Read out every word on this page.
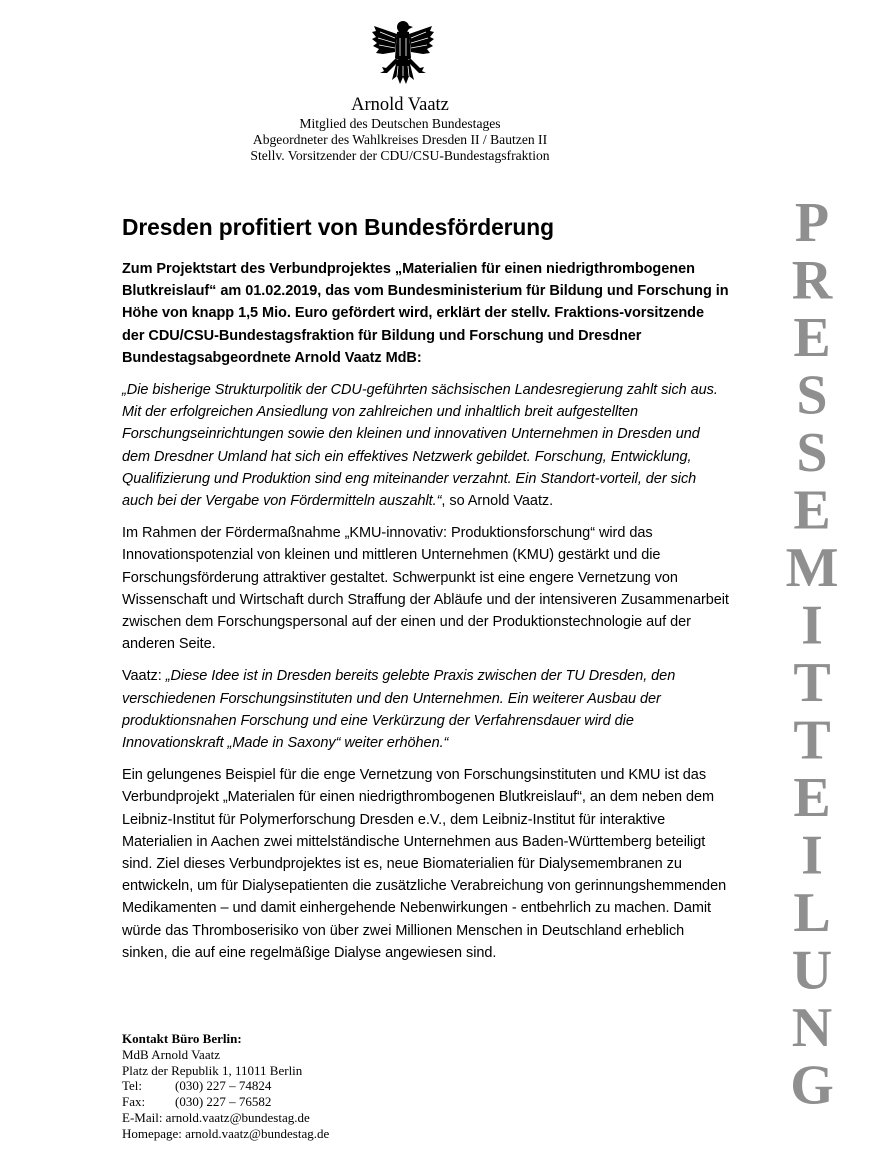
Arnold Vaatz
Mitglied des Deutschen Bundestages
Abgeordneter des Wahlkreises Dresden II / Bautzen II
Stellv. Vorsitzender der CDU/CSU-Bundestagsfraktion
PRESSEMITTEILUNG
Dresden profitiert von Bundesförderung

Zum Projektstart des Verbundprojektes „Materialien für einen niedrigthrombogenen Blutkreislauf“ am 01.02.2019, das vom Bundesministerium für Bildung und Forschung in Höhe von knapp 1,5 Mio. Euro gefördert wird, erklärt der stellv. Fraktions-vorsitzende der CDU/CSU-Bundestagsfraktion für Bildung und Forschung und Dresdner Bundestagsabgeordnete Arnold Vaatz MdB:

„Die bisherige Strukturpolitik der CDU-geführten sächsischen Landesregierung zahlt sich aus. Mit der erfolgreichen Ansiedlung von zahlreichen und inhaltlich breit aufgestellten Forschungseinrichtungen sowie den kleinen und innovativen Unternehmen in Dresden und dem Dresdner Umland hat sich ein effektives Netzwerk gebildet. Forschung, Entwicklung, Qualifizierung und Produktion sind eng miteinander verzahnt. Ein Standort-vorteil, der sich auch bei der Vergabe von Fördermitteln auszahlt.“, so Arnold Vaatz.

Im Rahmen der Fördermaßnahme „KMU-innovativ: Produktionsforschung“ wird das Innovationspotenzial von kleinen und mittleren Unternehmen (KMU) gestärkt und die Forschungsförderung attraktiver gestaltet. Schwerpunkt ist eine engere Vernetzung von Wissenschaft und Wirtschaft durch Straffung der Abläufe und der intensiveren Zusammenarbeit zwischen dem Forschungspersonal auf der einen und der Produktionstechnologie auf der anderen Seite.

Vaatz: „Diese Idee ist in Dresden bereits gelebte Praxis zwischen der TU Dresden, den verschiedenen Forschungsinstituten und den Unternehmen. Ein weiterer Ausbau der produktionsnahen Forschung und eine Verkürzung der Verfahrensdauer wird die Innovationskraft „Made in Saxony“ weiter erhöhen.“

Ein gelungenes Beispiel für die enge Vernetzung von Forschungsinstituten und KMU ist das Verbundprojekt „Materialen für einen niedrigthrombogenen Blutkreislauf“, an dem neben dem Leibniz-Institut für Polymerforschung Dresden e.V., dem Leibniz-Institut für interaktive Materialien in Aachen zwei mittelständische Unternehmen aus Baden-Württemberg beteiligt sind. Ziel dieses Verbundprojektes ist es, neue Biomaterialien für Dialysemembranen zu entwickeln, um für Dialysepatienten die zusätzliche Verabreichung von gerinnungshemmenden Medikamenten – und damit einhergehende Nebenwirkungen - entbehrlich zu machen. Damit würde das Thromboserisiko von über zwei Millionen Menschen in Deutschland erheblich sinken, die auf eine regelmäßige Dialyse angewiesen sind.

Kontakt Büro Berlin:
MdB Arnold Vaatz
Platz der Republik 1, 11011 Berlin
Tel:	(030) 227 – 74824
Fax:	(030) 227 – 76582
E-Mail: arnold.vaatz@bundestag.de
Homepage: arnold.vaatz@bundestag.de
